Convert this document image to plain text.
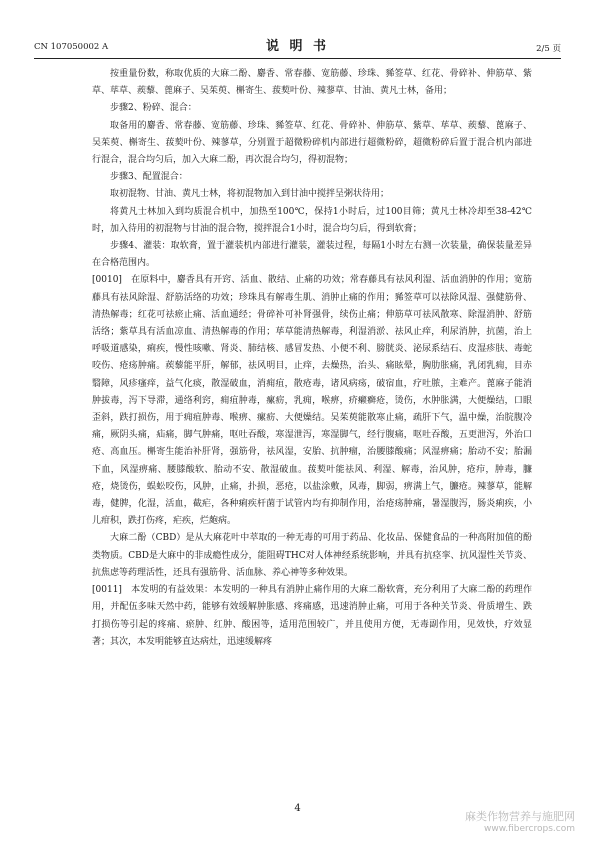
CN 107050002 A	说 明 书	2/5 页

按重量份数，称取优质的大麻二酚、麝香、常春藤、宽筋藤、珍珠、豨签草、红花、骨碎补、伸筋草、紫草、荜草、蒺藜、蓖麻子、吴茱萸、槲寄生、菝葜叶份、辣蓼草、甘油、黄凡士林，备用；

步骤2、粉碎、混合：

取备用的麝香、常春藤、宽筋藤、珍珠、豨签草、红花、骨碎补、伸筋草、紫草、荜草、蒺藜、蓖麻子、吴茱萸、槲寄生、菝葜叶份、辣蓼草，分别置于超微粉碎机内部进行超微粉碎，超微粉碎后置于混合机内部进行混合，混合均匀后，加入大麻二酚，再次混合均匀，得初混物；

步骤3、配置混合：

取初混物、甘油、黄凡士林，将初混物加入到甘油中搅拌呈粥状待用；

将黄凡士林加入到均质混合机中，加热至100℃，保持1小时后，过100目筛；黄凡士林冷却至38-42℃时，加入待用的初混物与甘油的混合物，搅拌混合1小时，混合均匀后，得到软膏；

步骤4、灌装：取软膏，置于灌装机内部进行灌装，灌装过程，每隔1小时左右测一次装量，确保装量差异在合格范围内。

[0010]　在原料中，麝香具有开窍、活血、散结、止痛的功效；常春藤具有祛风利湿、活血消肿的作用；宽筋藤具有祛风除湿、舒筋活络的功效；珍珠具有解毒生肌、消肿止痛的作用；豨签草可以祛除风湿、强健筋骨、清热解毒；红花可祛瘀止痛、活血通经；骨碎补可补肾强骨，续伤止痛；伸筋草可祛风散寒、除湿消肿、舒筋活络；紫草具有活血凉血、清热解毒的作用；荜草能清热解毒，利湿消淤、祛风止痒，利尿消肿，抗菌，治上呼吸道感染，痢疾，慢性咳嗽、肾炎、肺结核、感冒发热、小便不利、膀胱炎、泌尿系结石、皮湿疹肤、毒蛇咬伤、疮疡肿痛。蒺藜能平肝，解郁，祛风明目，止痒，去燥热，治头、痛眩晕，胸肋胀痛，乳闭乳痈，目赤翳障，风疹瘙痒，益气化痰，散湿破血，消痈疽，散疮毒，诸风病疡，破宿血，疗吐脓，主难产。蓖麻子能消肿拔毒，泻下导滞，通络利窍，痈疽肿毒，瘰疬，乳痈，喉痹，疥癞癣疮，烫伤，水肿胀满，大便燥结，口眼歪斜，跌打损伤，用于痈疽肿毒、喉痹、瘰疬、大便燥结。吴茱萸能散寒止痛，疏肝下气，温中燥，治脘腹冷痛，厥阴头痛，疝痛，脚气肿痛，呕吐吞酸，寒湿泄泻，寒湿脚气，经行腹痛，呕吐吞酸，五更泄泻，外治口疮、高血压。槲寄生能治补肝肾，强筋骨，祛风湿，安胎、抗肿瘤，治腰膝酸痛；风湿痹痛；胎动不安；胎漏下血，风湿痹痛、腰膝酸软、胎动不安、散湿破血。菝葜叶能祛风、利湿、解毒，治风肿，疮疖，肿毒，臁疮，烧烫伤，蜈蚣咬伤，风肿，止痛，扑损，恶疮，以盐涂敷，风毒，脚弱，痹满上气，臁疮。辣蓼草，能解毒，健脾，化湿，活血，截疟，各种痢疾杆菌于试管内均有抑制作用，治疮疡肿痛，暑湿腹泻，肠炎痢疾，小儿疳积，跌打伤疼，疟疾，烂皰病。

大麻二酚（CBD）是从大麻花叶中萃取的一种无毒的可用于药品、化妆品、保健食品的一种高附加值的酚类物质。CBD是大麻中的非成瘾性成分，能阻碍THC对人体神经系统影响，并具有抗痉挛、抗风湿性关节炎、抗焦虑等药理活性，还具有强筋骨、活血脉、养心神等多种效果。

[0011]　本发明的有益效果：本发明的一种具有消肿止痛作用的大麻二酚软膏，充分利用了大麻二酚的药理作用，并配伍多味天然中药，能够有效缓解肿胀感、疼痛感，迅速消肿止痛，可用于各种关节炎、骨质增生、跌打损伤等引起的疼痛、瘀肿、红肿、酸困等，适用范围较广，并且使用方便，无毒副作用，见效快，疗效显著；其次，本发明能够直达病灶，迅速缓解疼

4
麻类作物营养与施肥网
www.fibercrops.com
